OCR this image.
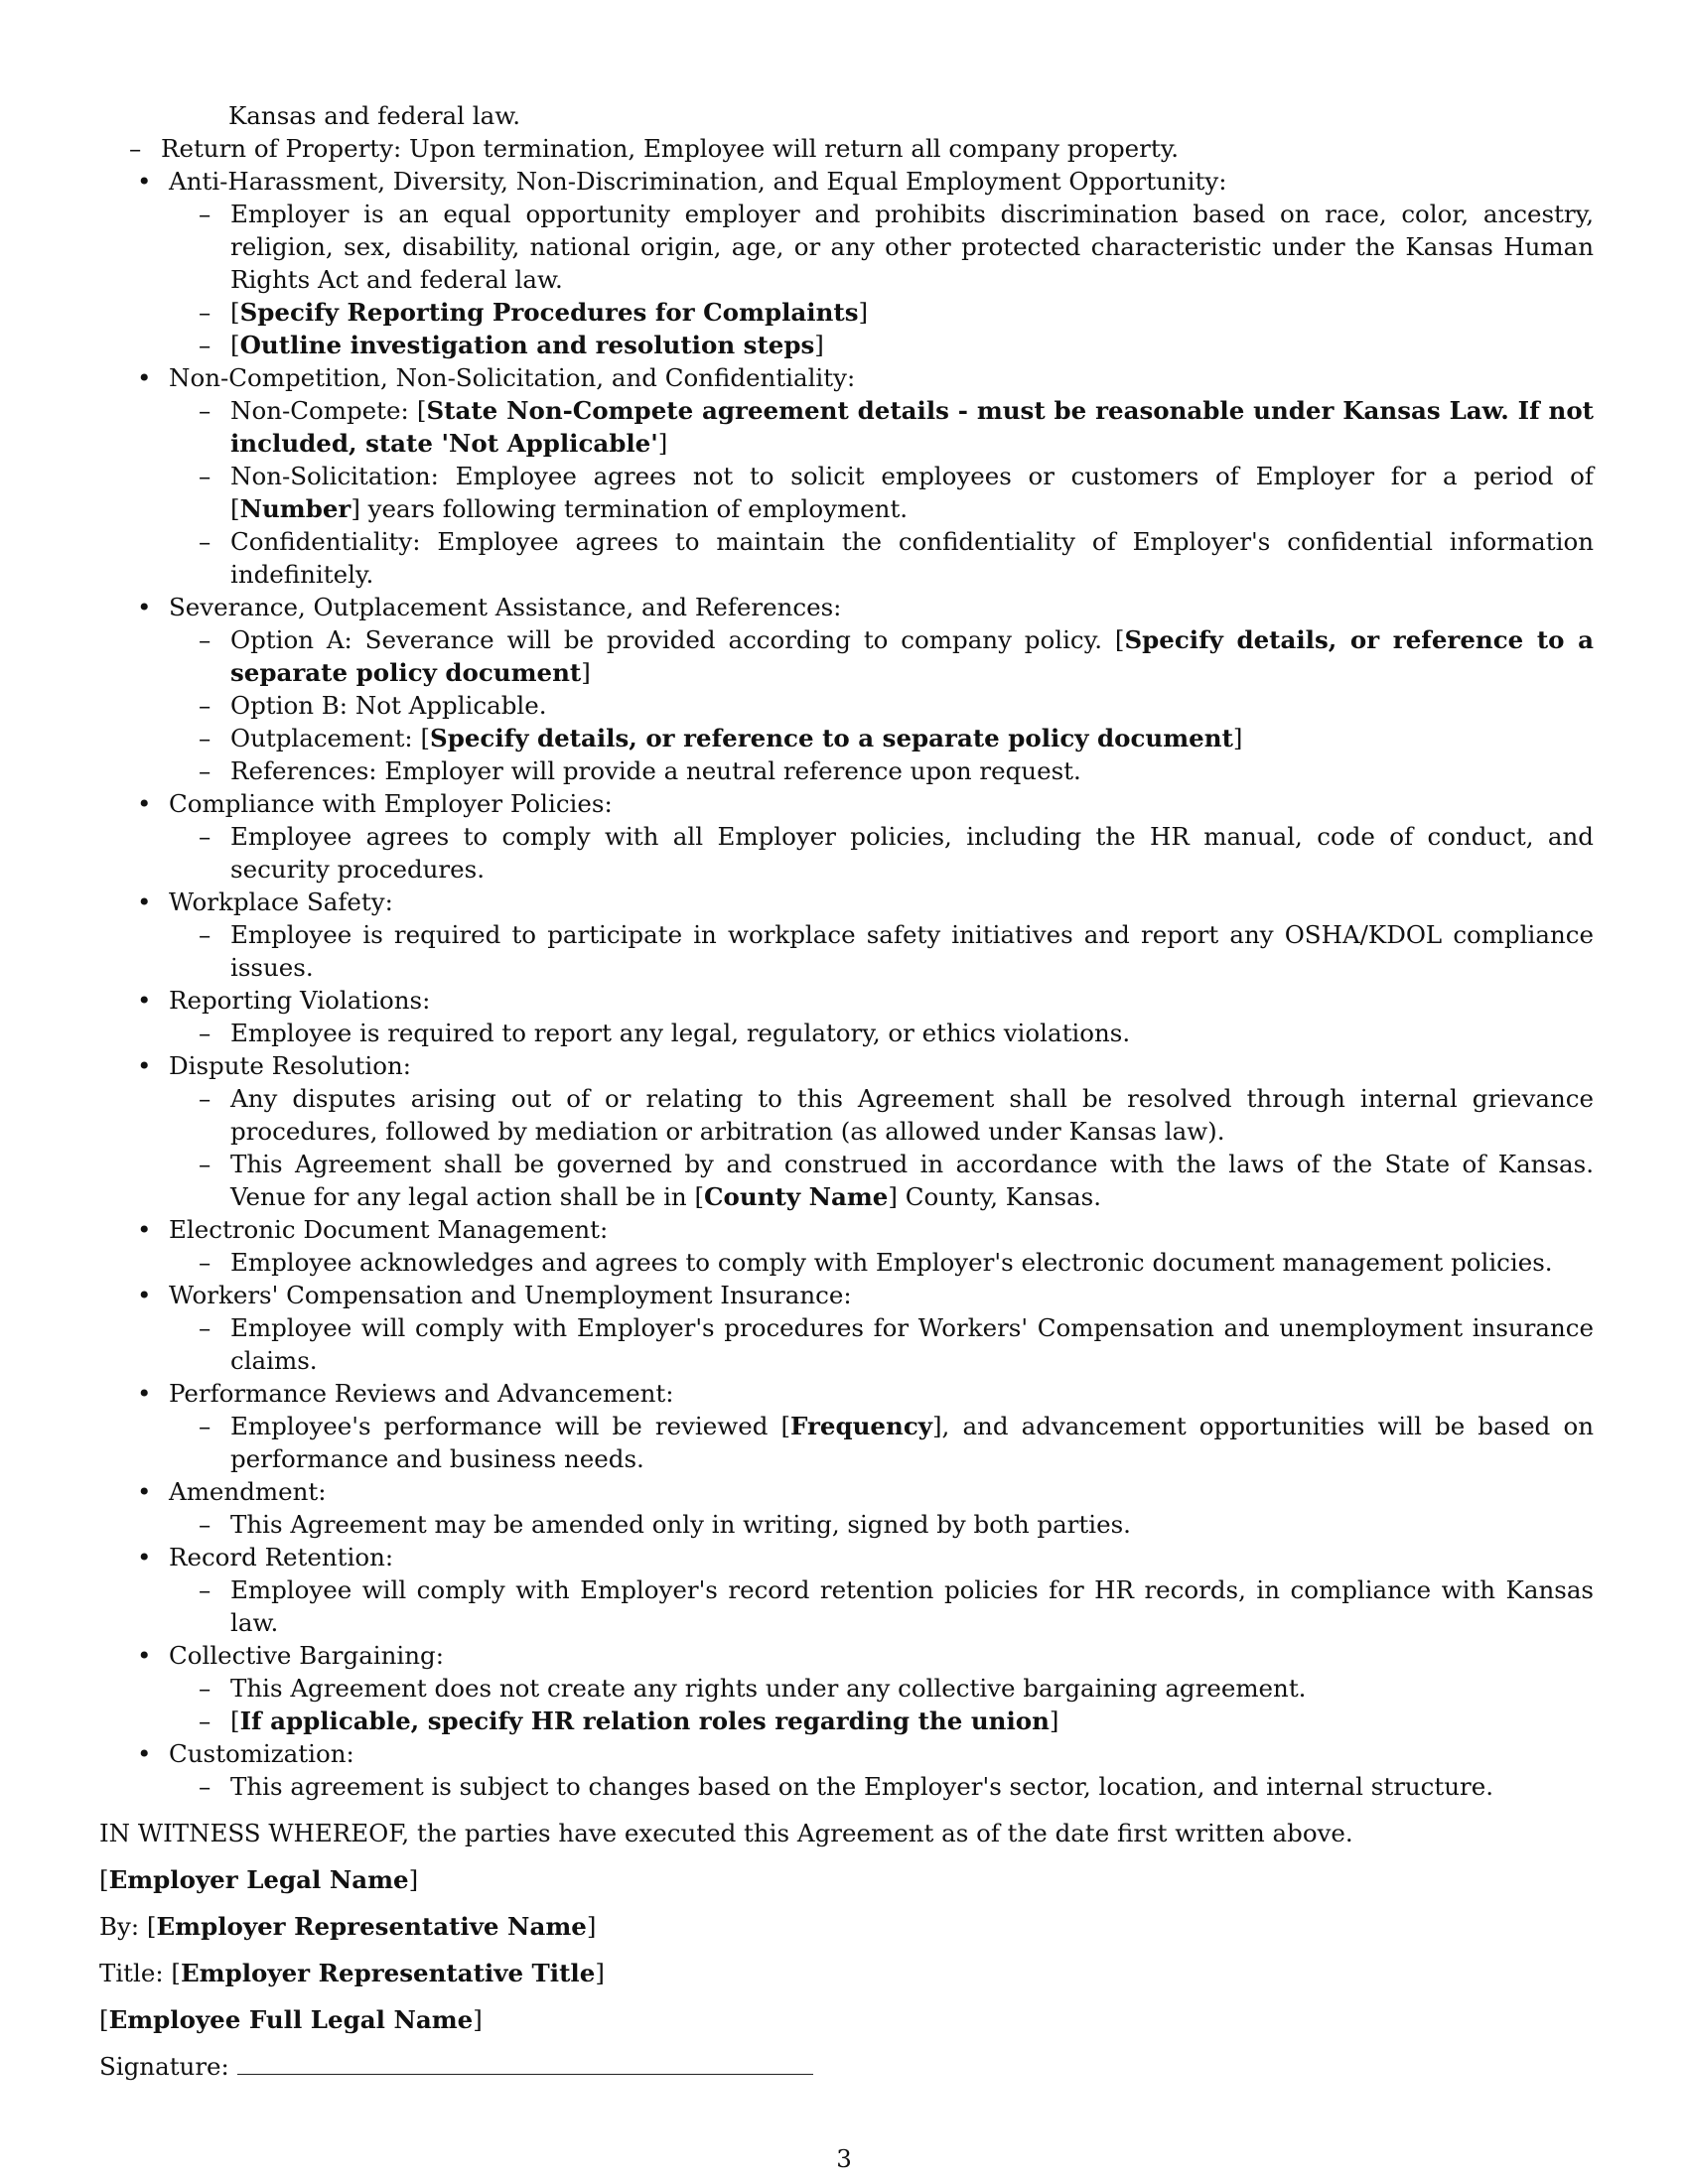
Kansas and federal law.
– Return of Property: Upon termination, Employee will return all company property.
• Anti-Harassment, Diversity, Non-Discrimination, and Equal Employment Opportunity:
– Employer is an equal opportunity employer and prohibits discrimination based on race, color, ancestry, religion, sex, disability, national origin, age, or any other protected characteristic under the Kansas Human Rights Act and federal law.
– [Specify Reporting Procedures for Complaints]
– [Outline investigation and resolution steps]
• Non-Competition, Non-Solicitation, and Confidentiality:
– Non-Compete: [State Non-Compete agreement details - must be reasonable under Kansas Law. If not included, state 'Not Applicable']
– Non-Solicitation: Employee agrees not to solicit employees or customers of Employer for a period of [Number] years following termination of employment.
– Confidentiality: Employee agrees to maintain the confidentiality of Employer's confidential information indefinitely.
• Severance, Outplacement Assistance, and References:
– Option A: Severance will be provided according to company policy. [Specify details, or reference to a separate policy document]
– Option B: Not Applicable.
– Outplacement: [Specify details, or reference to a separate policy document]
– References: Employer will provide a neutral reference upon request.
• Compliance with Employer Policies:
– Employee agrees to comply with all Employer policies, including the HR manual, code of conduct, and security procedures.
• Workplace Safety:
– Employee is required to participate in workplace safety initiatives and report any OSHA/KDOL compliance issues.
• Reporting Violations:
– Employee is required to report any legal, regulatory, or ethics violations.
• Dispute Resolution:
– Any disputes arising out of or relating to this Agreement shall be resolved through internal grievance procedures, followed by mediation or arbitration (as allowed under Kansas law).
– This Agreement shall be governed by and construed in accordance with the laws of the State of Kansas. Venue for any legal action shall be in [County Name] County, Kansas.
• Electronic Document Management:
– Employee acknowledges and agrees to comply with Employer's electronic document management policies.
• Workers' Compensation and Unemployment Insurance:
– Employee will comply with Employer's procedures for Workers' Compensation and unemployment insurance claims.
• Performance Reviews and Advancement:
– Employee's performance will be reviewed [Frequency], and advancement opportunities will be based on performance and business needs.
• Amendment:
– This Agreement may be amended only in writing, signed by both parties.
• Record Retention:
– Employee will comply with Employer's record retention policies for HR records, in compliance with Kansas law.
• Collective Bargaining:
– This Agreement does not create any rights under any collective bargaining agreement.
– [If applicable, specify HR relation roles regarding the union]
• Customization:
– This agreement is subject to changes based on the Employer's sector, location, and internal structure.

IN WITNESS WHEREOF, the parties have executed this Agreement as of the date first written above.

[Employer Legal Name]

By: [Employer Representative Name]

Title: [Employer Representative Title]

[Employee Full Legal Name]

Signature:

3
